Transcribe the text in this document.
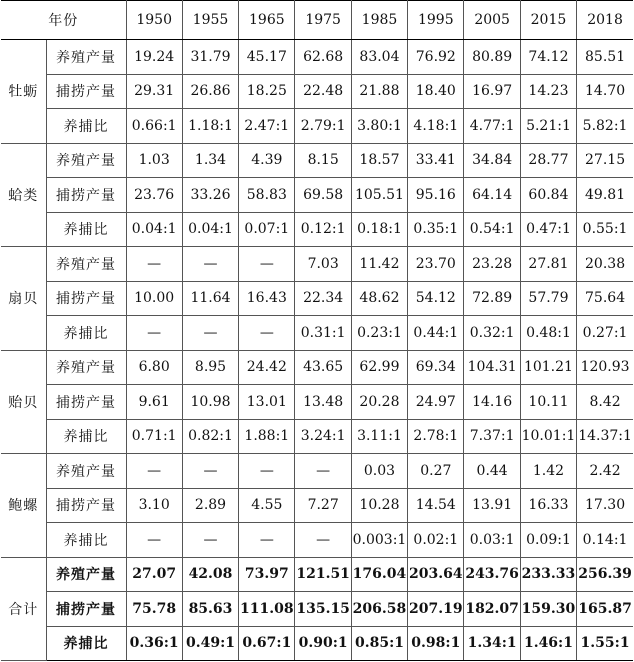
年份		1950	1955	1965	1975	1985	1995	2005	2015	2018
牡蛎	养殖产量	19.24	31.79	45.17	62.68	83.04	76.92	80.89	74.12	85.51
	捕捞产量	29.31	26.86	18.25	22.48	21.88	18.40	16.97	14.23	14.70
	养捕比	0.66:1	1.18:1	2.47:1	2.79:1	3.80:1	4.18:1	4.77:1	5.21:1	5.82:1
蛤类	养殖产量	1.03	1.34	4.39	8.15	18.57	33.41	34.84	28.77	27.15
	捕捞产量	23.76	33.26	58.83	69.58	105.51	95.16	64.14	60.84	49.81
	养捕比	0.04:1	0.04:1	0.07:1	0.12:1	0.18:1	0.35:1	0.54:1	0.47:1	0.55:1
扇贝	养殖产量	—	—	—	7.03	11.42	23.70	23.28	27.81	20.38
	捕捞产量	10.00	11.64	16.43	22.34	48.62	54.12	72.89	57.79	75.64
	养捕比	—	—	—	0.31:1	0.23:1	0.44:1	0.32:1	0.48:1	0.27:1
贻贝	养殖产量	6.80	8.95	24.42	43.65	62.99	69.34	104.31	101.21	120.93
	捕捞产量	9.61	10.98	13.01	13.48	20.28	24.97	14.16	10.11	8.42
	养捕比	0.71:1	0.82:1	1.88:1	3.24:1	3.11:1	2.78:1	7.37:1	10.01:1	14.37:1
鲍螺	养殖产量	—	—	—	—	0.03	0.27	0.44	1.42	2.42
	捕捞产量	3.10	2.89	4.55	7.27	10.28	14.54	13.91	16.33	17.30
	养捕比	—	—	—	—	0.003:1	0.02:1	0.03:1	0.09:1	0.14:1
合计	养殖产量	27.07	42.08	73.97	121.51	176.04	203.64	243.76	233.33	256.39
	捕捞产量	75.78	85.63	111.08	135.15	206.58	207.19	182.07	159.30	165.87
	养捕比	0.36:1	0.49:1	0.67:1	0.90:1	0.85:1	0.98:1	1.34:1	1.46:1	1.55:1
